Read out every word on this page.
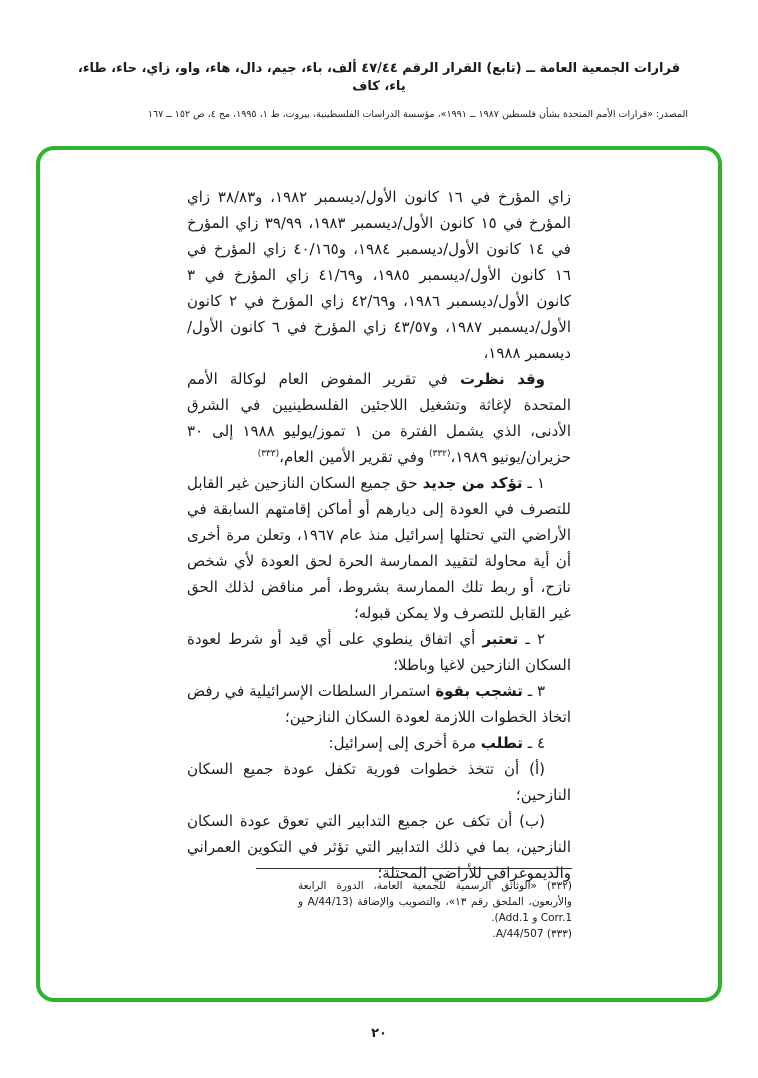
قرارات الجمعية العامة ــ (تابع) القرار الرقم ٤٧/٤٤ ألف، باء، جيم، دال، هاء، واو، زاي، حاء، طاء، ياء، كاف
المصدر: «قرارات الأمم المتحدة بشأن فلسطين ١٩٨٧ ــ ١٩٩١»، مؤسسة الدراسات الفلسطينية، بيروت، ط ١، ١٩٩٥، مج ٤، ص ١٥٢ ــ ١٦٧

زاي المؤرخ في ١٦ كانون الأول/ديسمبر ١٩٨٢، و٣٨/٨٣ زاي المؤرخ في ١٥ كانون الأول/ديسمبر ١٩٨٣، ٣٩/٩٩ زاي المؤرخ في ١٤ كانون الأول/ديسمبر ١٩٨٤، و٤٠/١٦٥ زاي المؤرخ في ١٦ كانون الأول/ديسمبر ١٩٨٥، و٤١/٦٩ زاي المؤرخ في ٣ كانون الأول/ديسمبر ١٩٨٦، و٤٢/٦٩ زاي المؤرخ في ٢ كانون الأول/ديسمبر ١٩٨٧، و٤٣/٥٧ زاي المؤرخ في ٦ كانون الأول/ديسمبر ١٩٨٨،

وقد نظرت في تقرير المفوض العام لوكالة الأمم المتحدة لإغاثة وتشغيل اللاجئين الفلسطينيين في الشرق الأدنى، الذي يشمل الفترة من ١ تموز/يوليو ١٩٨٨ إلى ٣٠ حزيران/يونيو ١٩٨٩،$^{(٣٣٢)}$ وفي تقرير الأمين العام،$^{(٣٣٣)}$

١ ـ تؤكد من جديد حق جميع السكان النازحين غير القابل للتصرف في العودة إلى ديارهم أو أماكن إقامتهم السابقة في الأراضي التي تحتلها إسرائيل منذ عام ١٩٦٧، وتعلن مرة أخرى أن أية محاولة لتقييد الممارسة الحرة لحق العودة لأي شخص نازح، أو ربط تلك الممارسة بشروط، أمر مناقض لذلك الحق غير القابل للتصرف ولا يمكن قبوله؛

٢ ـ تعتبر أي اتفاق ينطوي على أي قيد أو شرط لعودة السكان النازحين لاغيا وباطلا؛

٣ ـ تشجب بقوة استمرار السلطات الإسرائيلية في رفض اتخاذ الخطوات اللازمة لعودة السكان النازحين؛

٤ ـ تطلب مرة أخرى إلى إسرائيل:

(أ) أن تتخذ خطوات فورية تكفل عودة جميع السكان النازحين؛

(ب) أن تكف عن جميع التدابير التي تعوق عودة السكان النازحين، بما في ذلك التدابير التي تؤثر في التكوين العمراني والديموغرافي للأراضي المحتلة؛

(٣٣٢) «الوثائق الرسمية للجمعية العامة، الدورة الرابعة والأربعون، الملحق رقم ١٣»، والتصويب والإضافة (A/44/13 و Corr.1 و Add.1).

(٣٣٣) A/44/507.

٢٠
